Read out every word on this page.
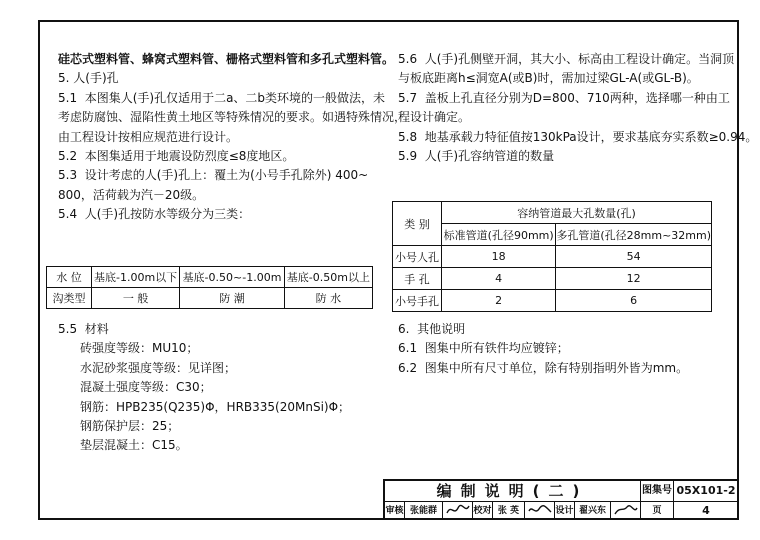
硅芯式塑料管、蜂窝式塑料管、栅格式塑料管和多孔式塑料管。
5. 人(手)孔
5.1  本图集人(手)孔仅适用于二a、二b类环境的一般做法，未
考虑防腐蚀、湿陷性黄土地区等特殊情况的要求。如遇特殊情况，
由工程设计按相应规范进行设计。
5.2  本图集适用于地震设防烈度≤8度地区。
5.3  设计考虑的人(手)孔上：覆土为(小号手孔除外) 400~
800，活荷载为汽－20级。
5.4  人(手)孔按防水等级分为三类：
水 位	基底-1.00m以下	基底-0.50~-1.00m	基底-0.50m以上
沟类型	一 般	防 潮	防 水
5.5  材料
砖强度等级：MU10；
水泥砂浆强度等级：见详图；
混凝土强度等级：C30；
钢筋：HPB235(Q235)Φ，HRB335(20MnSi)Φ；
钢筋保护层：25；
垫层混凝土：C15。
5.6  人(手)孔侧壁开洞，其大小、标高由工程设计确定。当洞顶
与板底距离h≤洞宽A(或B)时，需加过梁GL-A(或GL-B)。
5.7  盖板上孔直径分别为D=800、710两种，选择哪一种由工
程设计确定。
5.8  地基承载力特征值按130kPa设计，要求基底夯实系数≥0.94。
5.9  人(手)孔容纳管道的数量
类 别	容纳管道最大孔数量(孔)	
	标准管道(孔径90mm)	多孔管道(孔径28mm~32mm)
小号人孔	18	54
手 孔	4	12
小号手孔	2	6
6.  其他说明
6.1  图集中所有铁件均应镀锌；
6.2  图集中所有尺寸单位，除有特别指明外皆为mm。
编制说明(二)	图集号 05X101-2
审核 张能群	校对 张 英	设计 翟兴东	页	4
